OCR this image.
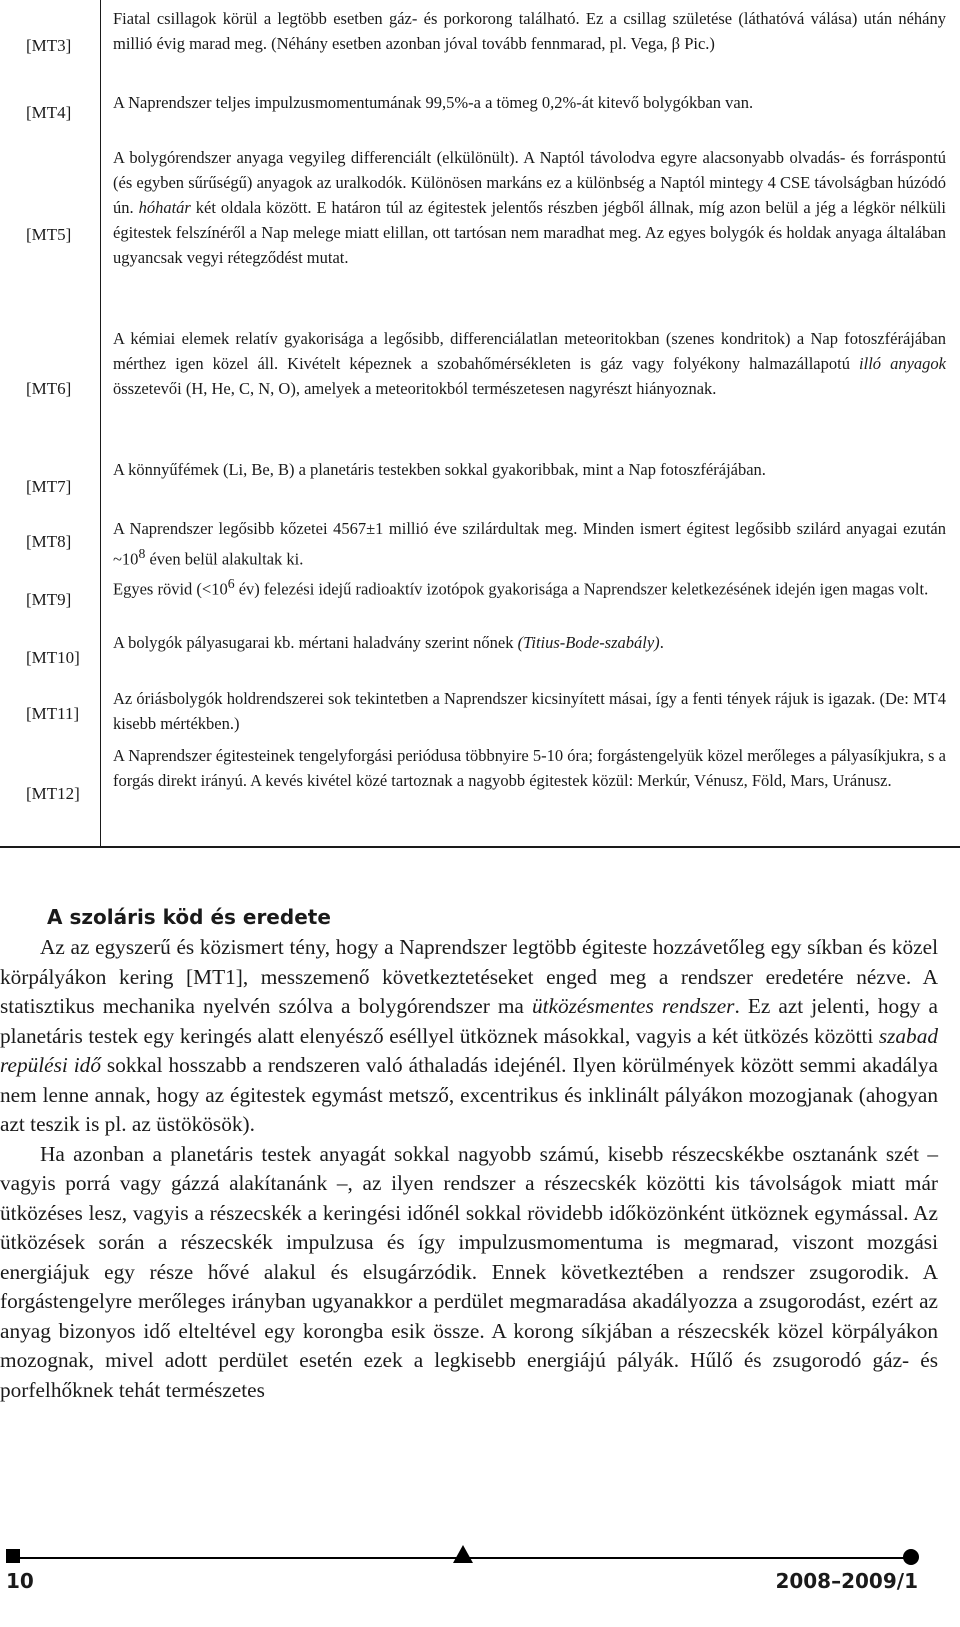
[MT3]
Fiatal csillagok körül a legtöbb esetben gáz- és porkorong található. Ez a csillag születése (láthatóvá válása) után néhány millió évig marad meg. (Néhány esetben azonban jóval tovább fennmarad, pl. Vega, β Pic.)
[MT4]
A Naprendszer teljes impulzusmomentumának 99,5%-a a tömeg 0,2%-át kitevő bolygókban van.
[MT5]
A bolygórendszer anyaga vegyileg differenciált (elkülönült). A Naptól távolodva egyre alacsonyabb olvadás- és forráspontú (és egyben sűrűségű) anyagok az uralkodók. Különösen markáns ez a különbség a Naptól mintegy 4 CSE távolságban húzódó ún. hóhatár két oldala között. E határon túl az égitestek jelentős részben jégből állnak, míg azon belül a jég a légkör nélküli égitestek felszínéről a Nap melege miatt elillan, ott tartósan nem maradhat meg. Az egyes bolygók és holdak anyaga általában ugyancsak vegyi rétegződést mutat.
[MT6]
A kémiai elemek relatív gyakorisága a legősibb, differenciálatlan meteoritokban (szenes kondritok) a Nap fotoszférájában mérthez igen közel áll. Kivételt képeznek a szobahőmérsékleten is gáz vagy folyékony halmazállapotú illó anyagok összetevői (H, He, C, N, O), amelyek a meteoritokból természetesen nagyrészt hiányoznak.
[MT7]
A könnyűfémek (Li, Be, B) a planetáris testekben sokkal gyakoribbak, mint a Nap fotoszférájában.
[MT8]
A Naprendszer legősibb kőzetei 4567±1 millió éve szilárdultak meg. Minden ismert égitest legősibb szilárd anyagai ezután $\sim 10^8$ éven belül alakultak ki.
[MT9]
Egyes rövid ($<10^6$ év) felezési idejű radioaktív izotópok gyakorisága a Naprendszer keletkezésének idején igen magas volt.
[MT10]
A bolygók pályasugarai kb. mértani haladvány szerint nőnek (Titius-Bode-szabály).
[MT11]
Az óriásbolygók holdrendszerei sok tekintetben a Naprendszer kicsinyített másai, így a fenti tények rájuk is igazak. (De: MT4 kisebb mértékben.)
[MT12]
A Naprendszer égitesteinek tengelyforgási periódusa többnyire 5-10 óra; forgástengelyük közel merőleges a pályasíkjukra, s a forgás direkt irányú. A kevés kivétel közé tartoznak a nagyobb égitestek közül: Merkúr, Vénusz, Föld, Mars, Uránusz.
A szoláris köd és eredete

Az az egyszerű és közismert tény, hogy a Naprendszer legtöbb égiteste hozzávetőleg egy síkban és közel körpályákon kering [MT1], messzemenő következtetéseket enged meg a rendszer eredetére nézve. A statisztikus mechanika nyelvén szólva a bolygórendszer ma ütközésmentes rendszer. Ez azt jelenti, hogy a planetáris testek egy keringés alatt elenyésző eséllyel ütköznek másokkal, vagyis a két ütközés közötti szabad repülési idő sokkal hosszabb a rendszeren való áthaladás idejénél. Ilyen körülmények között semmi akadálya nem lenne annak, hogy az égitestek egymást metsző, excentrikus és inklinált pályákon mozogjanak (ahogyan azt teszik is pl. az üstökösök).

Ha azonban a planetáris testek anyagát sokkal nagyobb számú, kisebb részecskékbe osztanánk szét – vagyis porrá vagy gázzá alakítanánk –, az ilyen rendszer a részecskék közötti kis távolságok miatt már ütközéses lesz, vagyis a részecskék a keringési időnél sokkal rövidebb időközönként ütköznek egymással. Az ütközések során a részecskék impulzusa és így impulzusmomentuma is megmarad, viszont mozgási energiájuk egy része hővé alakul és elsugárzódik. Ennek következtében a rendszer zsugorodik. A forgástengelyre merőleges irányban ugyanakkor a perdület megmaradása akadályozza a zsugorodást, ezért az anyag bizonyos idő elteltével egy korongba esik össze. A korong síkjában a részecskék közel körpályákon mozognak, mivel adott perdület esetén ezek a legkisebb energiájú pályák. Hűlő és zsugorodó gáz- és porfelhőknek tehát természetes

10	2008–2009/1
